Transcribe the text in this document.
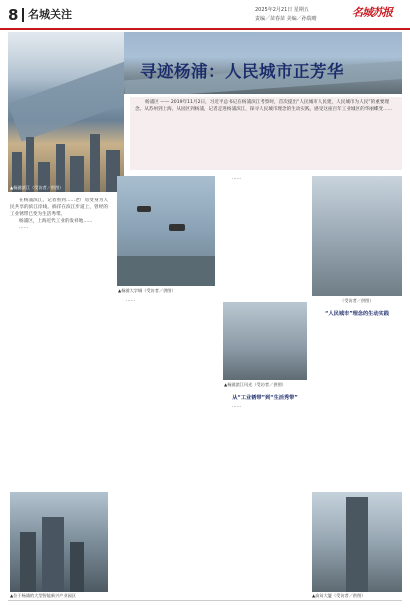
8 名城关注	2025年2月21日 星期五
责编／苗春苗 美编／孙瑞晴	名城苏报
▲杨浦滨江（受访者／供图）
寻迹杨浦：人民城市正芳华
杨浦区 —— 2019年11月2日，习近平总书记在杨浦滨江考察时，首次提出“人民城市人民建，人民城市为人民”的重要理念。从苏州到上海，从园区到杨浦，记者走进杨浦滨江，探寻人民城市理念的生动实践，感受这座百年工业城区的华丽蝶变……

在杨浦滨江，记者看到……老厂房变身为人民共享的滨江岸线。徜徉在滨江步道上，曾经的工业锈带已变为生活秀带。

杨浦区，上海近代工业的发祥地……

……

▲杨浦大学城（受访者／供图）

……

……

（受访者／供图）
▲杨浦滨江风光（受访者／供图）

从“工业锈带”到“生活秀带”

……

“人民城市”理念的生动实践

▲位于杨浦的大型智能新兴产业园区	▲高耸大厦（受访者／供图）
